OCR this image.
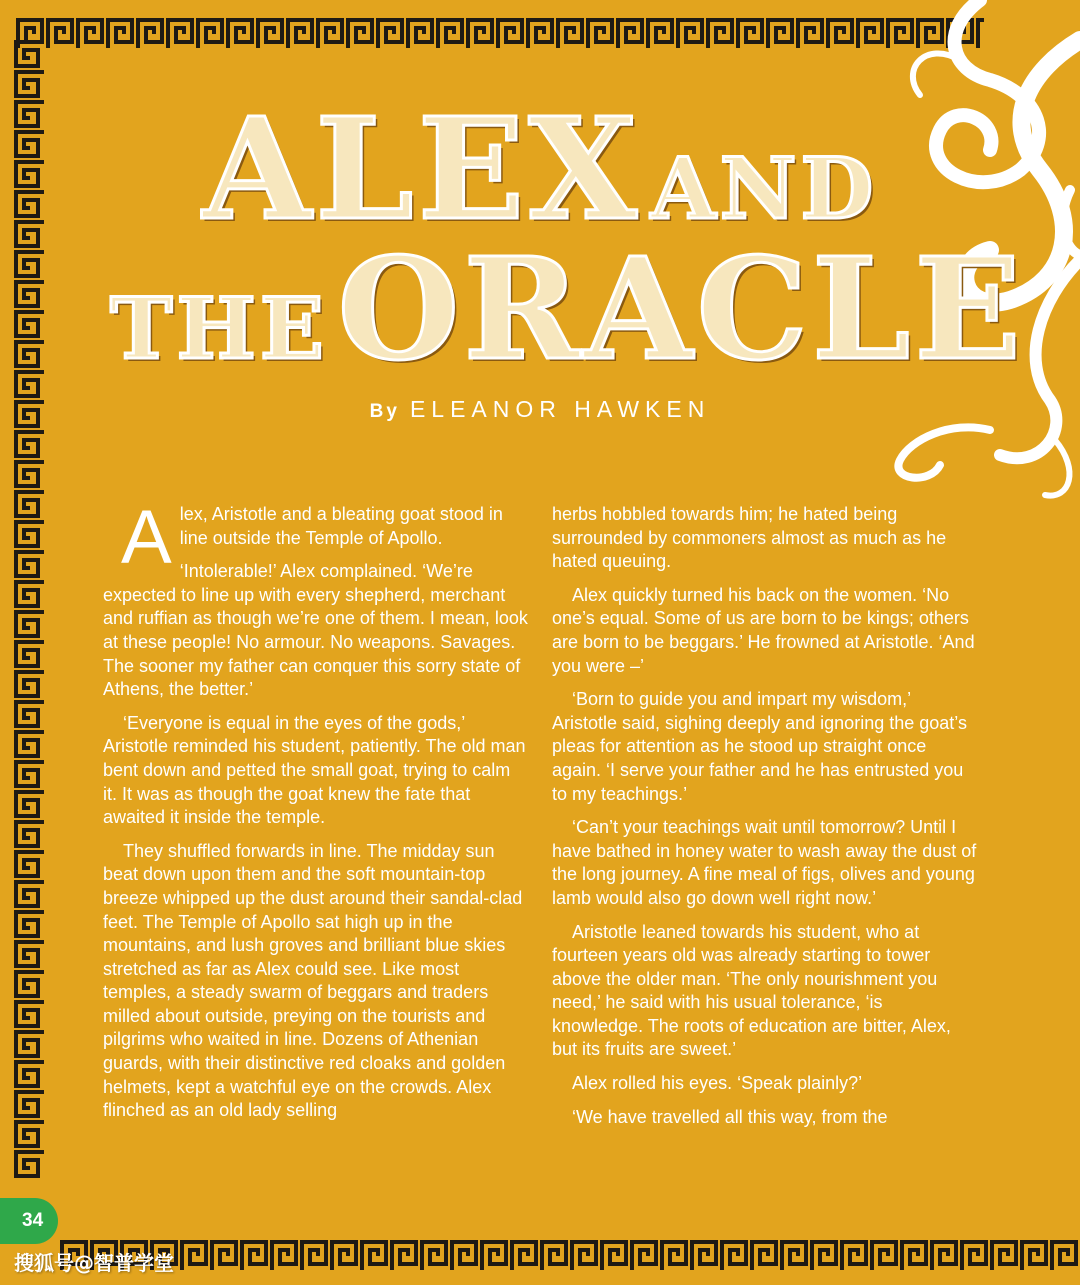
ALEX AND
THE ORACLE
By ELEANOR HAWKEN

Alex, Aristotle and a bleating goat stood in line outside the Temple of Apollo.

‘Intolerable!’ Alex complained. ‘We’re expected to line up with every shepherd, merchant and ruffian as though we’re one of them. I mean, look at these people! No armour. No weapons. Savages. The sooner my father can conquer this sorry state of Athens, the better.’

‘Everyone is equal in the eyes of the gods,’ Aristotle reminded his student, patiently. The old man bent down and petted the small goat, trying to calm it. It was as though the goat knew the fate that awaited it inside the temple.

They shuffled forwards in line. The midday sun beat down upon them and the soft mountain-top breeze whipped up the dust around their sandal-clad feet. The Temple of Apollo sat high up in the mountains, and lush groves and brilliant blue skies stretched as far as Alex could see. Like most temples, a steady swarm of beggars and traders milled about outside, preying on the tourists and pilgrims who waited in line. Dozens of Athenian guards, with their distinctive red cloaks and golden helmets, kept a watchful eye on the crowds. Alex flinched as an old lady selling

herbs hobbled towards him; he hated being surrounded by commoners almost as much as he hated queuing.

Alex quickly turned his back on the women. ‘No one’s equal. Some of us are born to be kings; others are born to be beggars.’ He frowned at Aristotle. ‘And you were –’

‘Born to guide you and impart my wisdom,’ Aristotle said, sighing deeply and ignoring the goat’s pleas for attention as he stood up straight once again. ‘I serve your father and he has entrusted you to my teachings.’

‘Can’t your teachings wait until tomorrow? Until I have bathed in honey water to wash away the dust of the long journey. A fine meal of figs, olives and young lamb would also go down well right now.’

Aristotle leaned towards his student, who at fourteen years old was already starting to tower above the older man. ‘The only nourishment you need,’ he said with his usual tolerance, ‘is knowledge. The roots of education are bitter, Alex, but its fruits are sweet.’

Alex rolled his eyes. ‘Speak plainly?’

‘We have travelled all this way, from the

34
搜狐号@智普学堂
